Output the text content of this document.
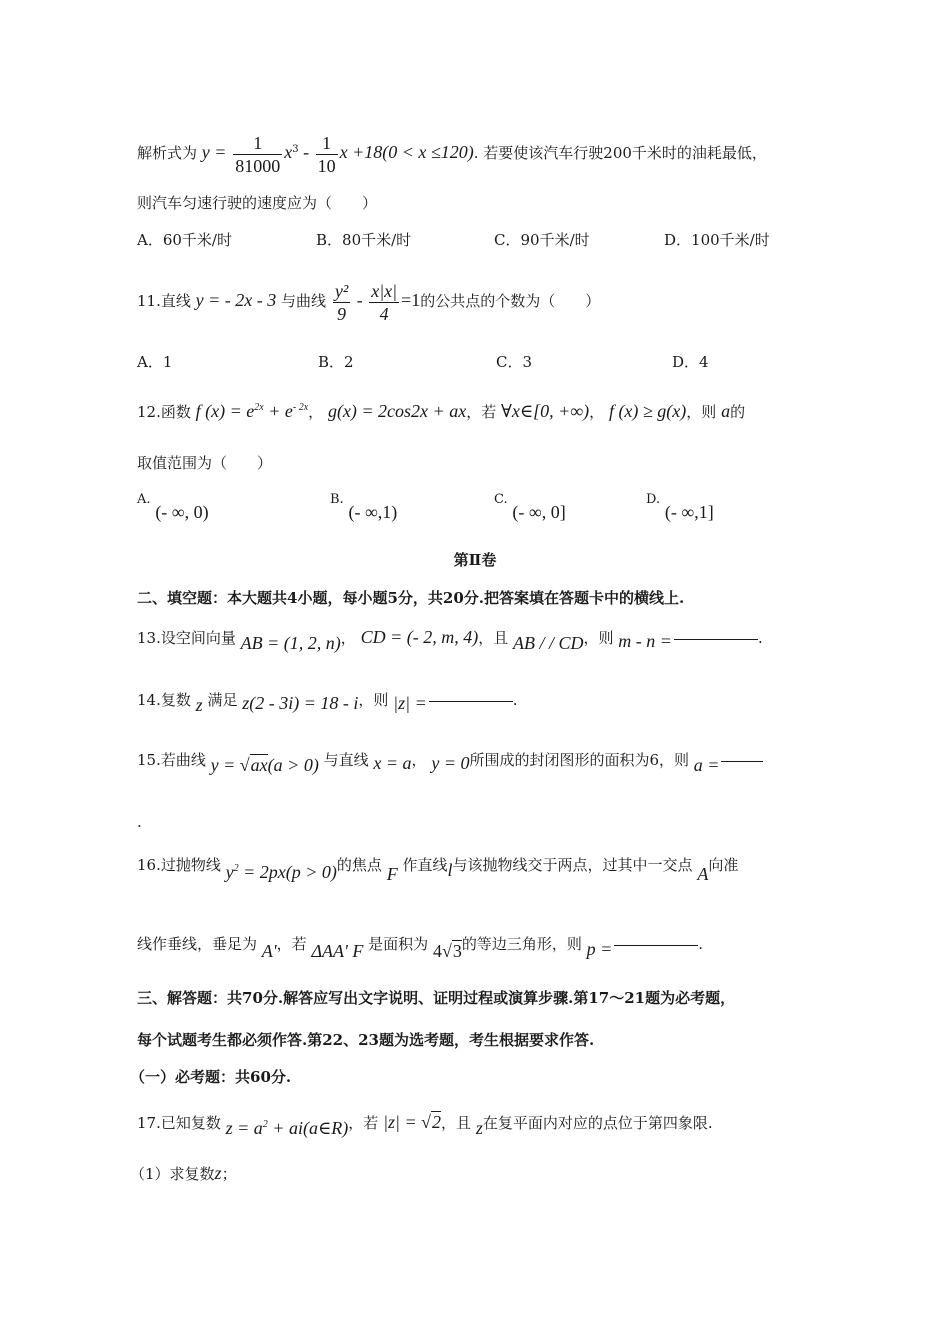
解析式为 $y = \frac{1}{81000} x^3 - \frac{1}{10}$ x +18(0 < x ≤120). 若要使该汽车行驶200千米时的油耗最低，
则汽车匀速行驶的速度应为（　　）
A．60千米/时	B．80千米/时	C．90千米/时	D．100千米/时
11.直线 y = - 2x - 3 与曲线 $\frac{\text{y²}}{9} - \frac{x|x|}{4} =1$的公共点的个数为（　　）
A．1	B．2	C．3	D．4
12.函数 f $(x) = e^{2x} + e^{- 2x}$， g(x) = 2cos2x + ax，若 ∀x∈[0, +∞)， f (x) ≥ g(x)，则 a的
取值范围为（　　）
A. (- ∞, 0)
B. (- ∞,1)
C. (- ∞, 0]
D. (- ∞,1]
第Ⅱ卷
二、填空题：本大题共4小题，每小题5分，共20分.把答案填在答题卡中的横线上.
13.设空间向量 AB = (1, 2, n)， CD = (- 2, m, 4)，且 AB / / CD，则 m - n =	.
14.复数 z 满足 z(2 - 3i) = 18 - i，则 |z| =	.
15.若曲线 y = √ax(a > 0) 与直线 x = a， y = 0所围成的封闭图形的面积为6，则 a =
.
16.过抛物线 $y^2 = 2px(p > 0)$的焦点 F 作直线l与该抛物线交于两点，过其中一交点 A向准
线作垂线，垂足为 A'，若 ΔAA' F 是面积为 4√3的等边三角形，则 p =	.
三、解答题：共70分.解答应写出文字说明、证明过程或演算步骤.第17～21题为必考题，
每个试题考生都必须作答.第22、23题为选考题，考生根据要求作答.
（一）必考题：共60分.
17.已知复数 $z = a^2$ + ai(a∈R)，若 |z| = √2，且 z在复平面内对应的点位于第四象限.
（1）求复数z；
